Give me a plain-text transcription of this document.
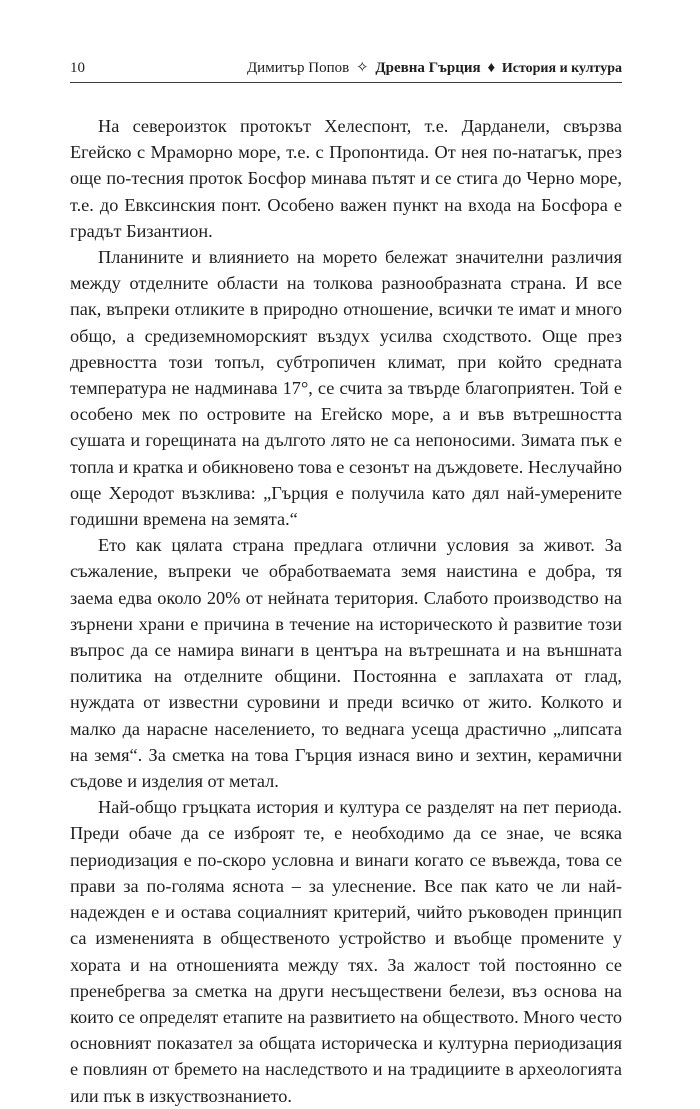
10	Димитър Попов ✧ Древна Гърция ♦ История и култура

На североизток протокът Хелеспонт, т.е. Дарданели, свързва Егейско с Мраморно море, т.е. с Пропонтида. От нея по-натагък, през още по-тесния проток Босфор минава пътят и се стига до Черно море, т.е. до Евксинския понт. Особено важен пункт на входа на Босфора е градът Бизантион.

Планините и влиянието на морето бележат значителни различия между отделните области на толкова разнообразната страна. И все пак, въпреки отликите в природно отношение, всички те имат и много общо, а средиземноморският въздух усилва сходството. Още през древността този топъл, субтропичен климат, при който средната температура не надминава 17°, се счита за твърде благоприятен. Той е особено мек по островите на Егейско море, а и във вътрешността сушата и горещината на дългото лято не са непоносими. Зимата пък е топла и кратка и обикновено това е сезонът на дъждовете. Неслучайно още Херодот възклива: „Гърция е получила като дял най-умерените годишни времена на земята.“

Ето как цялата страна предлага отлични условия за живот. За съжаление, въпреки че обработваемата земя наистина е добра, тя заема едва около 20% от нейната територия. Слабото производство на зърнени храни е причина в течение на историческото ѝ развитие този въпрос да се намира винаги в центъра на вътрешната и на външната политика на отделните общини. Постоянна е заплахата от глад, нуждата от известни суровини и преди всичко от жито. Колкото и малко да нарасне населението, то веднага усеща драстично „липсата на земя“. За сметка на това Гърция изнася вино и зехтин, керамични съдове и изделия от метал.

Най-общо гръцката история и култура се разделят на пет периода. Преди обаче да се изброят те, е необходимо да се знае, че всяка периодизация е по-скоро условна и винаги когато се въвежда, това се прави за по-голяма яснота – за улеснение. Все пак като че ли най-надежден е и остава социалният критерий, чийто ръководен принцип са измененията в общественото устройство и въобще промените у хората и на отношенията между тях. За жалост той постоянно се пренебрегва за сметка на други несъществени белези, въз основа на които се определят етапите на развитието на обществото. Много често основният показател за общата историческа и културна периодизация е повлиян от бремето на наследството и на традициите в археологията или пък в изкуствознанието.
